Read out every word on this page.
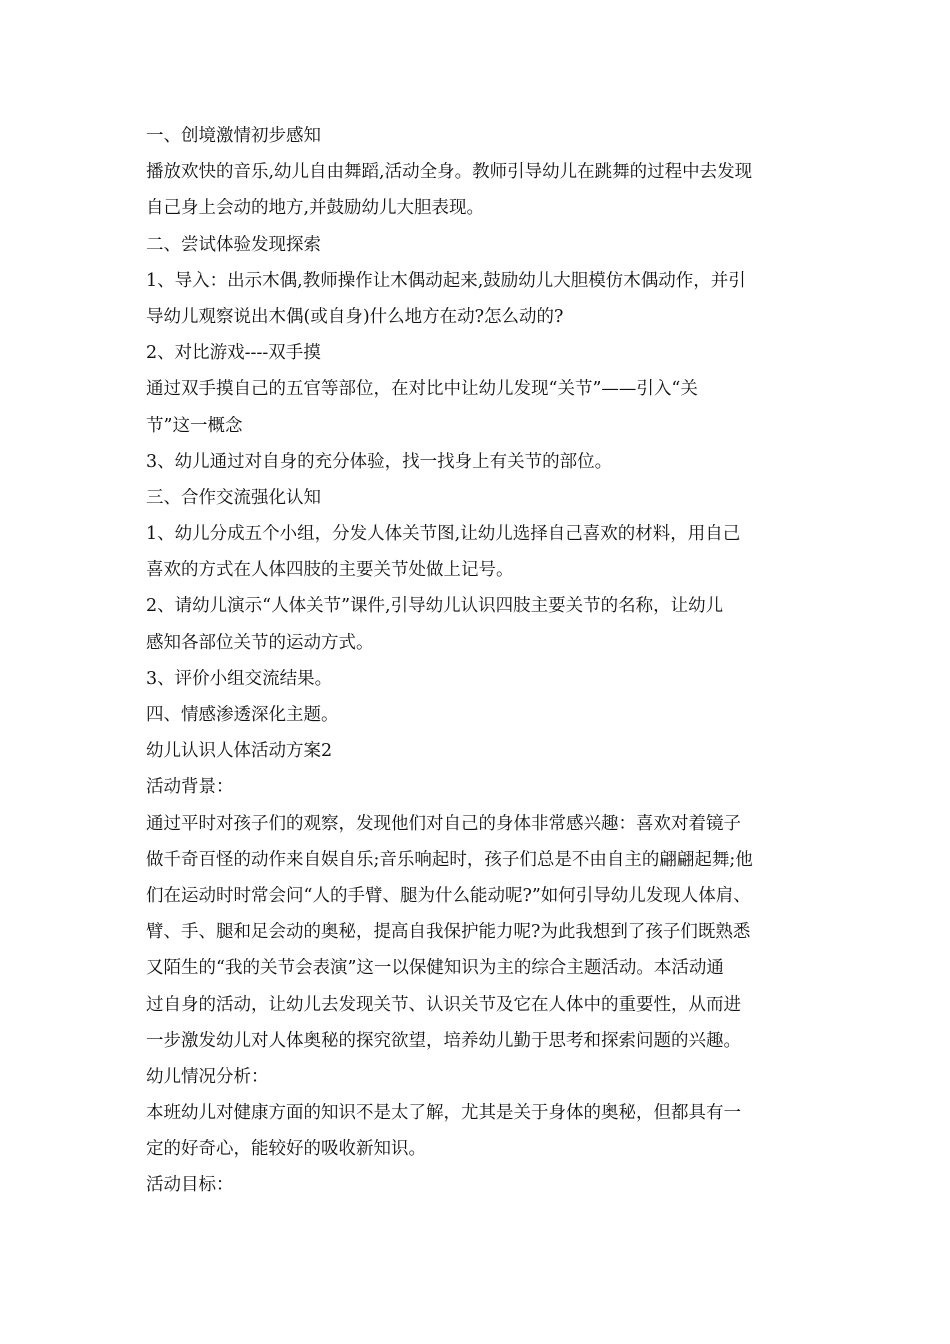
一、创境激情初步感知
播放欢快的音乐,幼儿自由舞蹈,活动全身。教师引导幼儿在跳舞的过程中去发现
自己身上会动的地方,并鼓励幼儿大胆表现。
二、尝试体验发现探索
1、导入：出示木偶,教师操作让木偶动起来,鼓励幼儿大胆模仿木偶动作，并引
导幼儿观察说出木偶(或自身)什么地方在动?怎么动的?
2、对比游戏----双手摸
通过双手摸自己的五官等部位，在对比中让幼儿发现“关节”——引入“关
节”这一概念
3、幼儿通过对自身的充分体验，找一找身上有关节的部位。
三、合作交流强化认知
1、幼儿分成五个小组，分发人体关节图,让幼儿选择自己喜欢的材料，用自己
喜欢的方式在人体四肢的主要关节处做上记号。
2、请幼儿演示“人体关节”课件,引导幼儿认识四肢主要关节的名称，让幼儿
感知各部位关节的运动方式。
3、评价小组交流结果。
四、情感渗透深化主题。
幼儿认识人体活动方案2
活动背景：
通过平时对孩子们的观察，发现他们对自己的身体非常感兴趣：喜欢对着镜子
做千奇百怪的动作来自娱自乐;音乐响起时，孩子们总是不由自主的翩翩起舞;他
们在运动时时常会问“人的手臂、腿为什么能动呢?”如何引导幼儿发现人体肩、
臂、手、腿和足会动的奥秘，提高自我保护能力呢?为此我想到了孩子们既熟悉
又陌生的“我的关节会表演”这一以保健知识为主的综合主题活动。本活动通
过自身的活动，让幼儿去发现关节、认识关节及它在人体中的重要性，从而进
一步激发幼儿对人体奥秘的探究欲望，培养幼儿勤于思考和探索问题的兴趣。
幼儿情况分析：
本班幼儿对健康方面的知识不是太了解，尤其是关于身体的奥秘，但都具有一
定的好奇心，能较好的吸收新知识。
活动目标：
